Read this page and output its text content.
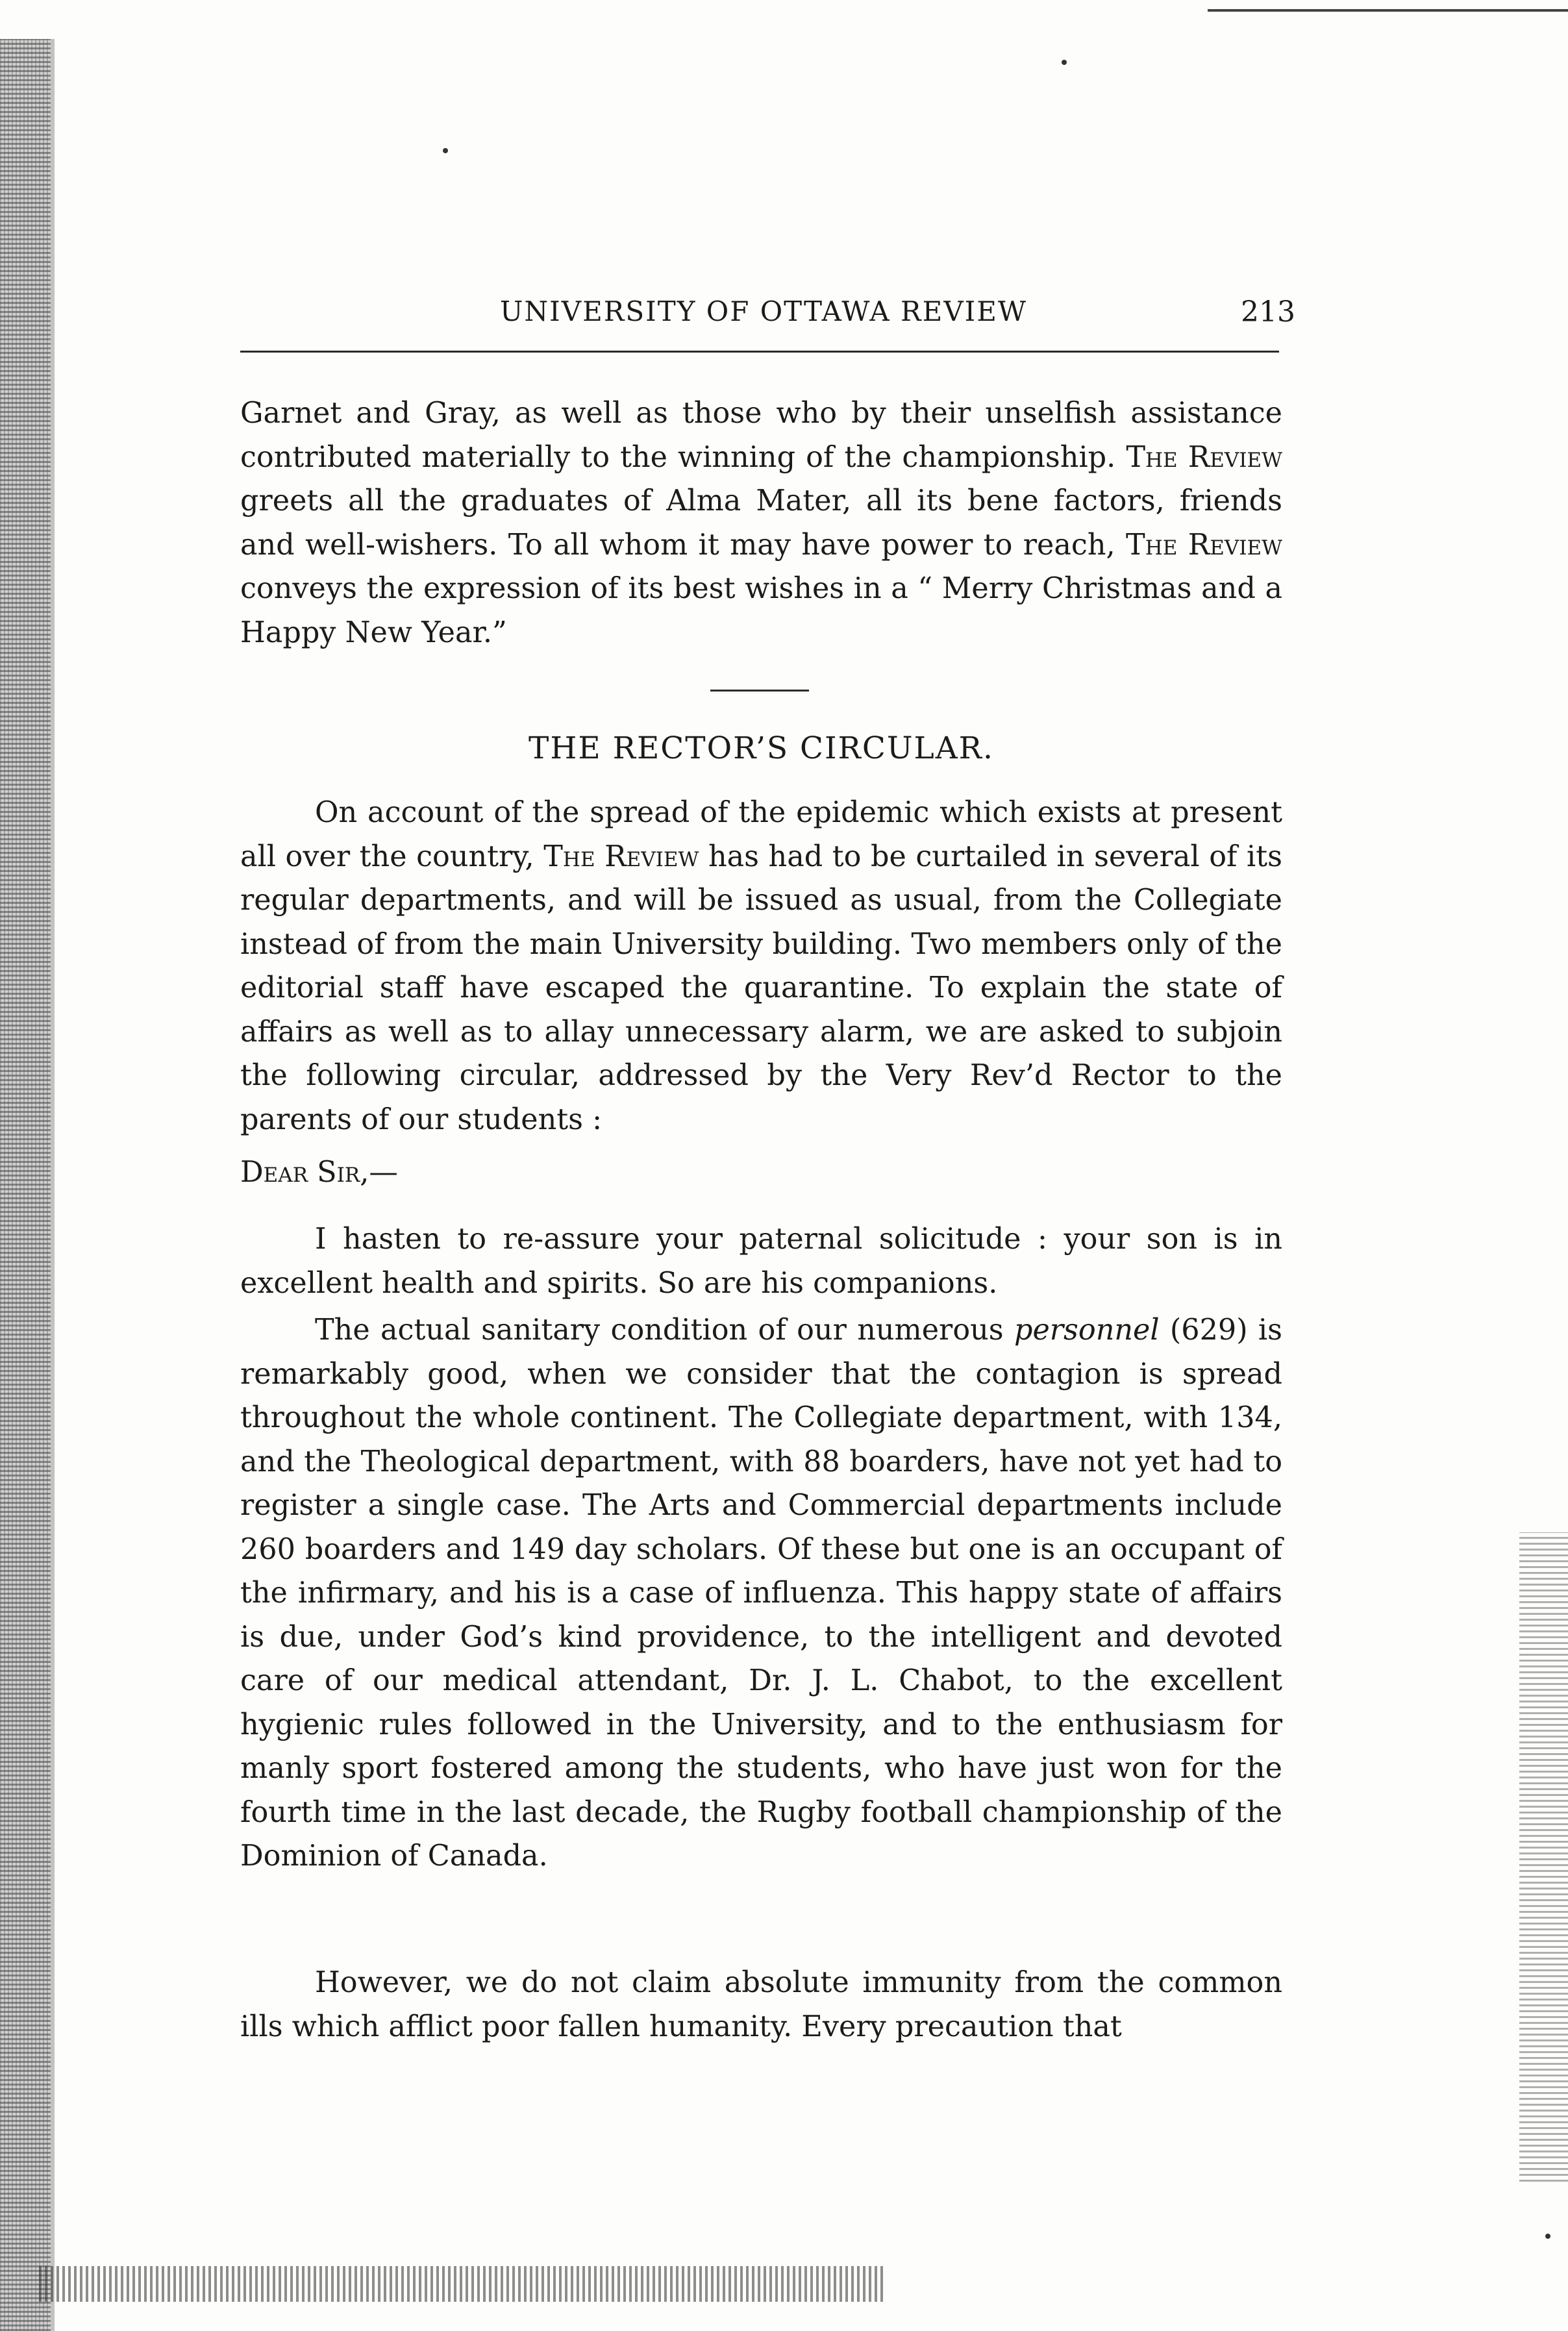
UNIVERSITY OF OTTAWA REVIEW	213

Garnet and Gray, as well as those who by their unselfish assistance contributed materially to the winning of the championship. The Review greets all the graduates of Alma Mater, all its bene factors, friends and well-wishers. To all whom it may have power to reach, The Review conveys the expression of its best wishes in a “ Merry Christmas and a Happy New Year.”

THE RECTOR’S CIRCULAR.

On account of the spread of the epidemic which exists at present all over the country, The Review has had to be curtailed in several of its regular departments, and will be issued as usual, from the Collegiate instead of from the main University building. Two members only of the editorial staff have escaped the quarantine. To explain the state of affairs as well as to allay unnecessary alarm, we are asked to subjoin the following circular, addressed by the Very Rev’d Rector to the parents of our students :

Dear Sir,—

I hasten to re-assure your paternal solicitude : your son is in excellent health and spirits. So are his companions.

The actual sanitary condition of our numerous personnel (629) is remarkably good, when we consider that the contagion is spread throughout the whole continent. The Collegiate department, with 134, and the Theological department, with 88 boarders, have not yet had to register a single case. The Arts and Commercial departments include 260 boarders and 149 day scholars. Of these but one is an occupant of the infirmary, and his is a case of influenza. This happy state of affairs is due, under God’s kind providence, to the intelligent and devoted care of our medical attendant, Dr. J. L. Chabot, to the excellent hygienic rules followed in the University, and to the enthusiasm for manly sport fostered among the students, who have just won for the fourth time in the last decade, the Rugby football championship of the Dominion of Canada.

However, we do not claim absolute immunity from the common ills which afflict poor fallen humanity. Every precaution that
